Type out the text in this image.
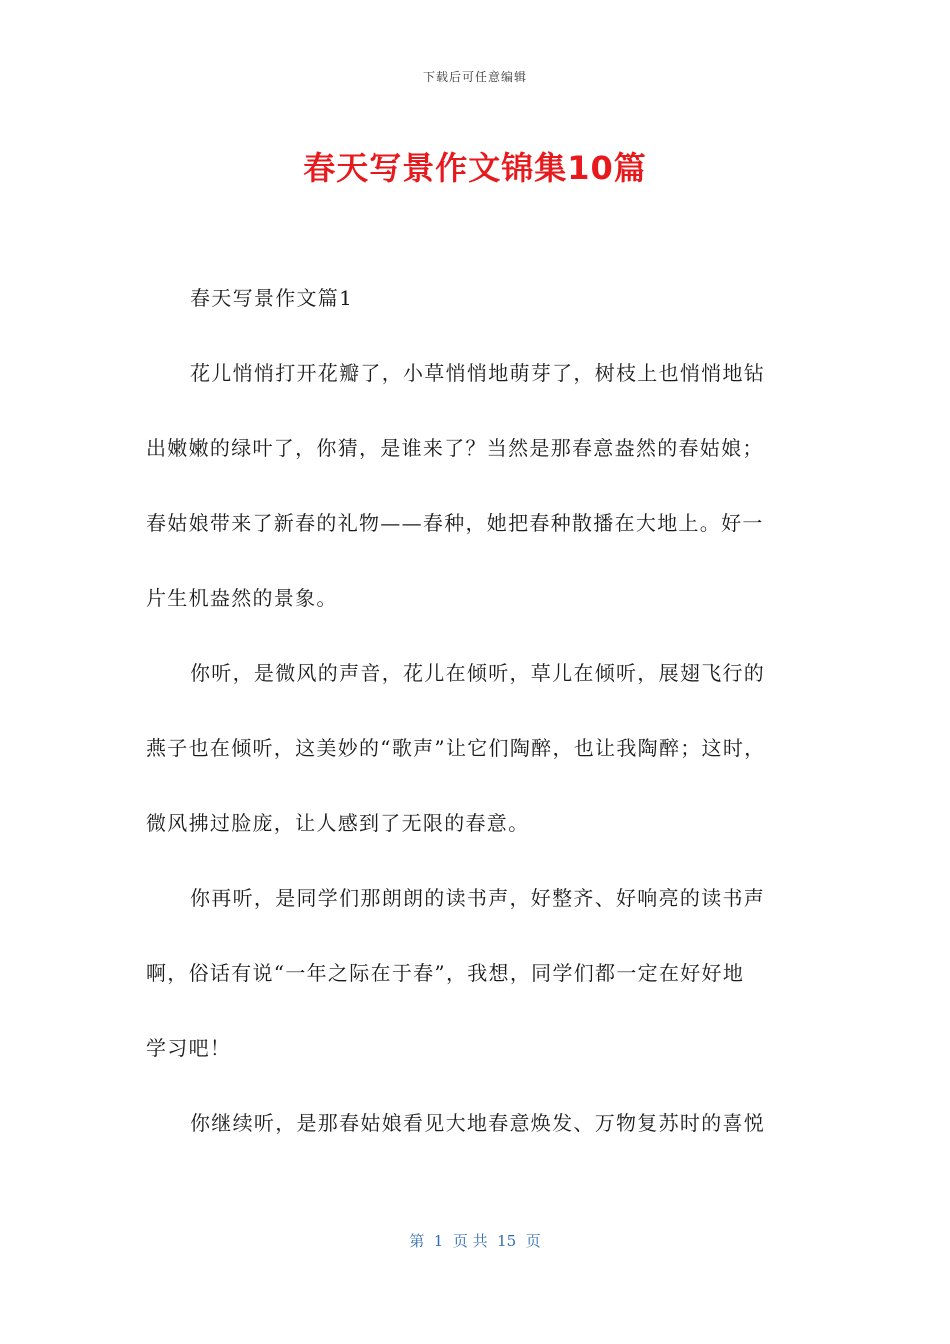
下载后可任意编辑
春天写景作文锦集10篇
春天写景作文篇1
花儿悄悄打开花瓣了，小草悄悄地萌芽了，树枝上也悄悄地钻
出嫩嫩的绿叶了，你猜，是谁来了？当然是那春意盎然的春姑娘；
春姑娘带来了新春的礼物——春种，她把春种散播在大地上。好一
片生机盎然的景象。
你听，是微风的声音，花儿在倾听，草儿在倾听，展翅飞行的
燕子也在倾听，这美妙的“歌声”让它们陶醉，也让我陶醉；这时，
微风拂过脸庞，让人感到了无限的春意。
你再听，是同学们那朗朗的读书声，好整齐、好响亮的读书声
啊，俗话有说“一年之际在于春”，我想，同学们都一定在好好地
学习吧！
你继续听，是那春姑娘看见大地春意焕发、万物复苏时的喜悦
第  1  页 共  15  页
